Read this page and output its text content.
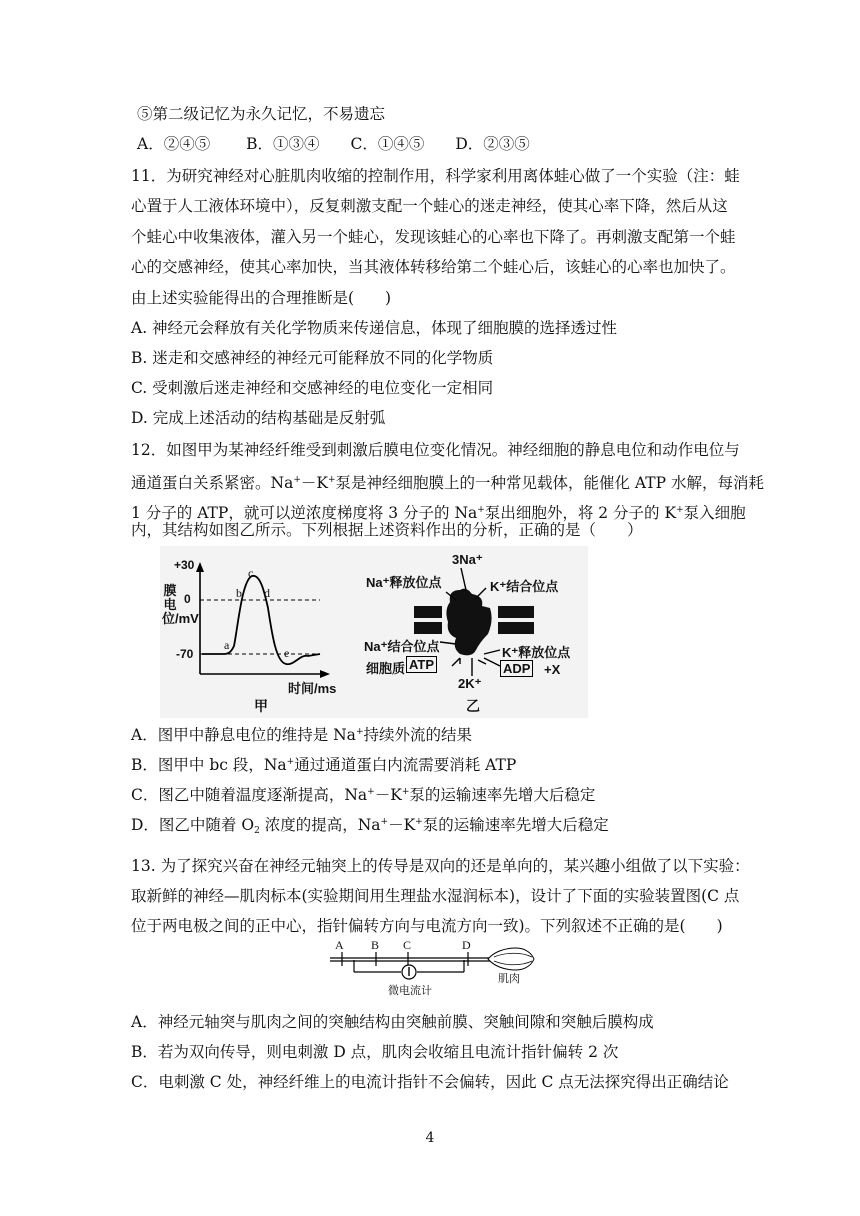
⑤第二级记忆为永久记忆，不易遗忘
A．②④⑤　　 B．①③④　　C．①④⑤　　D．②③⑤
11．为研究神经对心脏肌肉收缩的控制作用，科学家利用离体蛙心做了一个实验（注：蛙
心置于人工液体环境中），反复刺激支配一个蛙心的迷走神经，使其心率下降，然后从这
个蛙心中收集液体，灌入另一个蛙心，发现该蛙心的心率也下降了。再刺激支配第一个蛙
心的交感神经，使其心率加快，当其液体转移给第二个蛙心后，该蛙心的心率也加快了。
由上述实验能得出的合理推断是(　　)
A. 神经元会释放有关化学物质来传递信息，体现了细胞膜的选择透过性
B. 迷走和交感神经的神经元可能释放不同的化学物质
C. 受刺激后迷走神经和交感神经的电位变化一定相同
D. 完成上述活动的结构基础是反射弧
12．如图甲为某神经纤维受到刺激后膜电位变化情况。神经细胞的静息电位和动作电位与
通道蛋白关系紧密。Na+－K+泵是神经细胞膜上的一种常见载体，能催化 ATP 水解，每消耗
1 分子的 ATP，就可以逆浓度梯度将 3 分子的 Na+泵出细胞外，将 2 分子的 K+泵入细胞
内，其结构如图乙所示。下列根据上述资料作出的分析，正确的是（　　）
膜电位/mV
+30
0
-70
a
b
c
d
e
时间/ms
甲
3Na⁺
Na⁺释放位点	K⁺结合位点
Na⁺结合位点	K⁺释放位点
细胞质 ATP	ADP +X
2K⁺
乙
A．图甲中静息电位的维持是 Na+持续外流的结果
B．图甲中 bc 段，Na+通过通道蛋白内流需要消耗 ATP
C．图乙中随着温度逐渐提高，Na+－K+泵的运输速率先增大后稳定
D．图乙中随着 $O_2$ 浓度的提高，Na+－K+泵的运输速率先增大后稳定
13. 为了探究兴奋在神经元轴突上的传导是双向的还是单向的，某兴趣小组做了以下实验：
取新鲜的神经—肌肉标本(实验期间用生理盐水湿润标本)，设计了下面的实验装置图(C 点
位于两电极之间的正中心，指针偏转方向与电流方向一致)。下列叙述不正确的是(　　)
A B C	D
肌肉
微电流计
A．神经元轴突与肌肉之间的突触结构由突触前膜、突触间隙和突触后膜构成
B．若为双向传导，则电刺激 D 点，肌肉会收缩且电流计指针偏转 2 次
C．电刺激 C 处，神经纤维上的电流计指针不会偏转，因此 C 点无法探究得出正确结论
4
